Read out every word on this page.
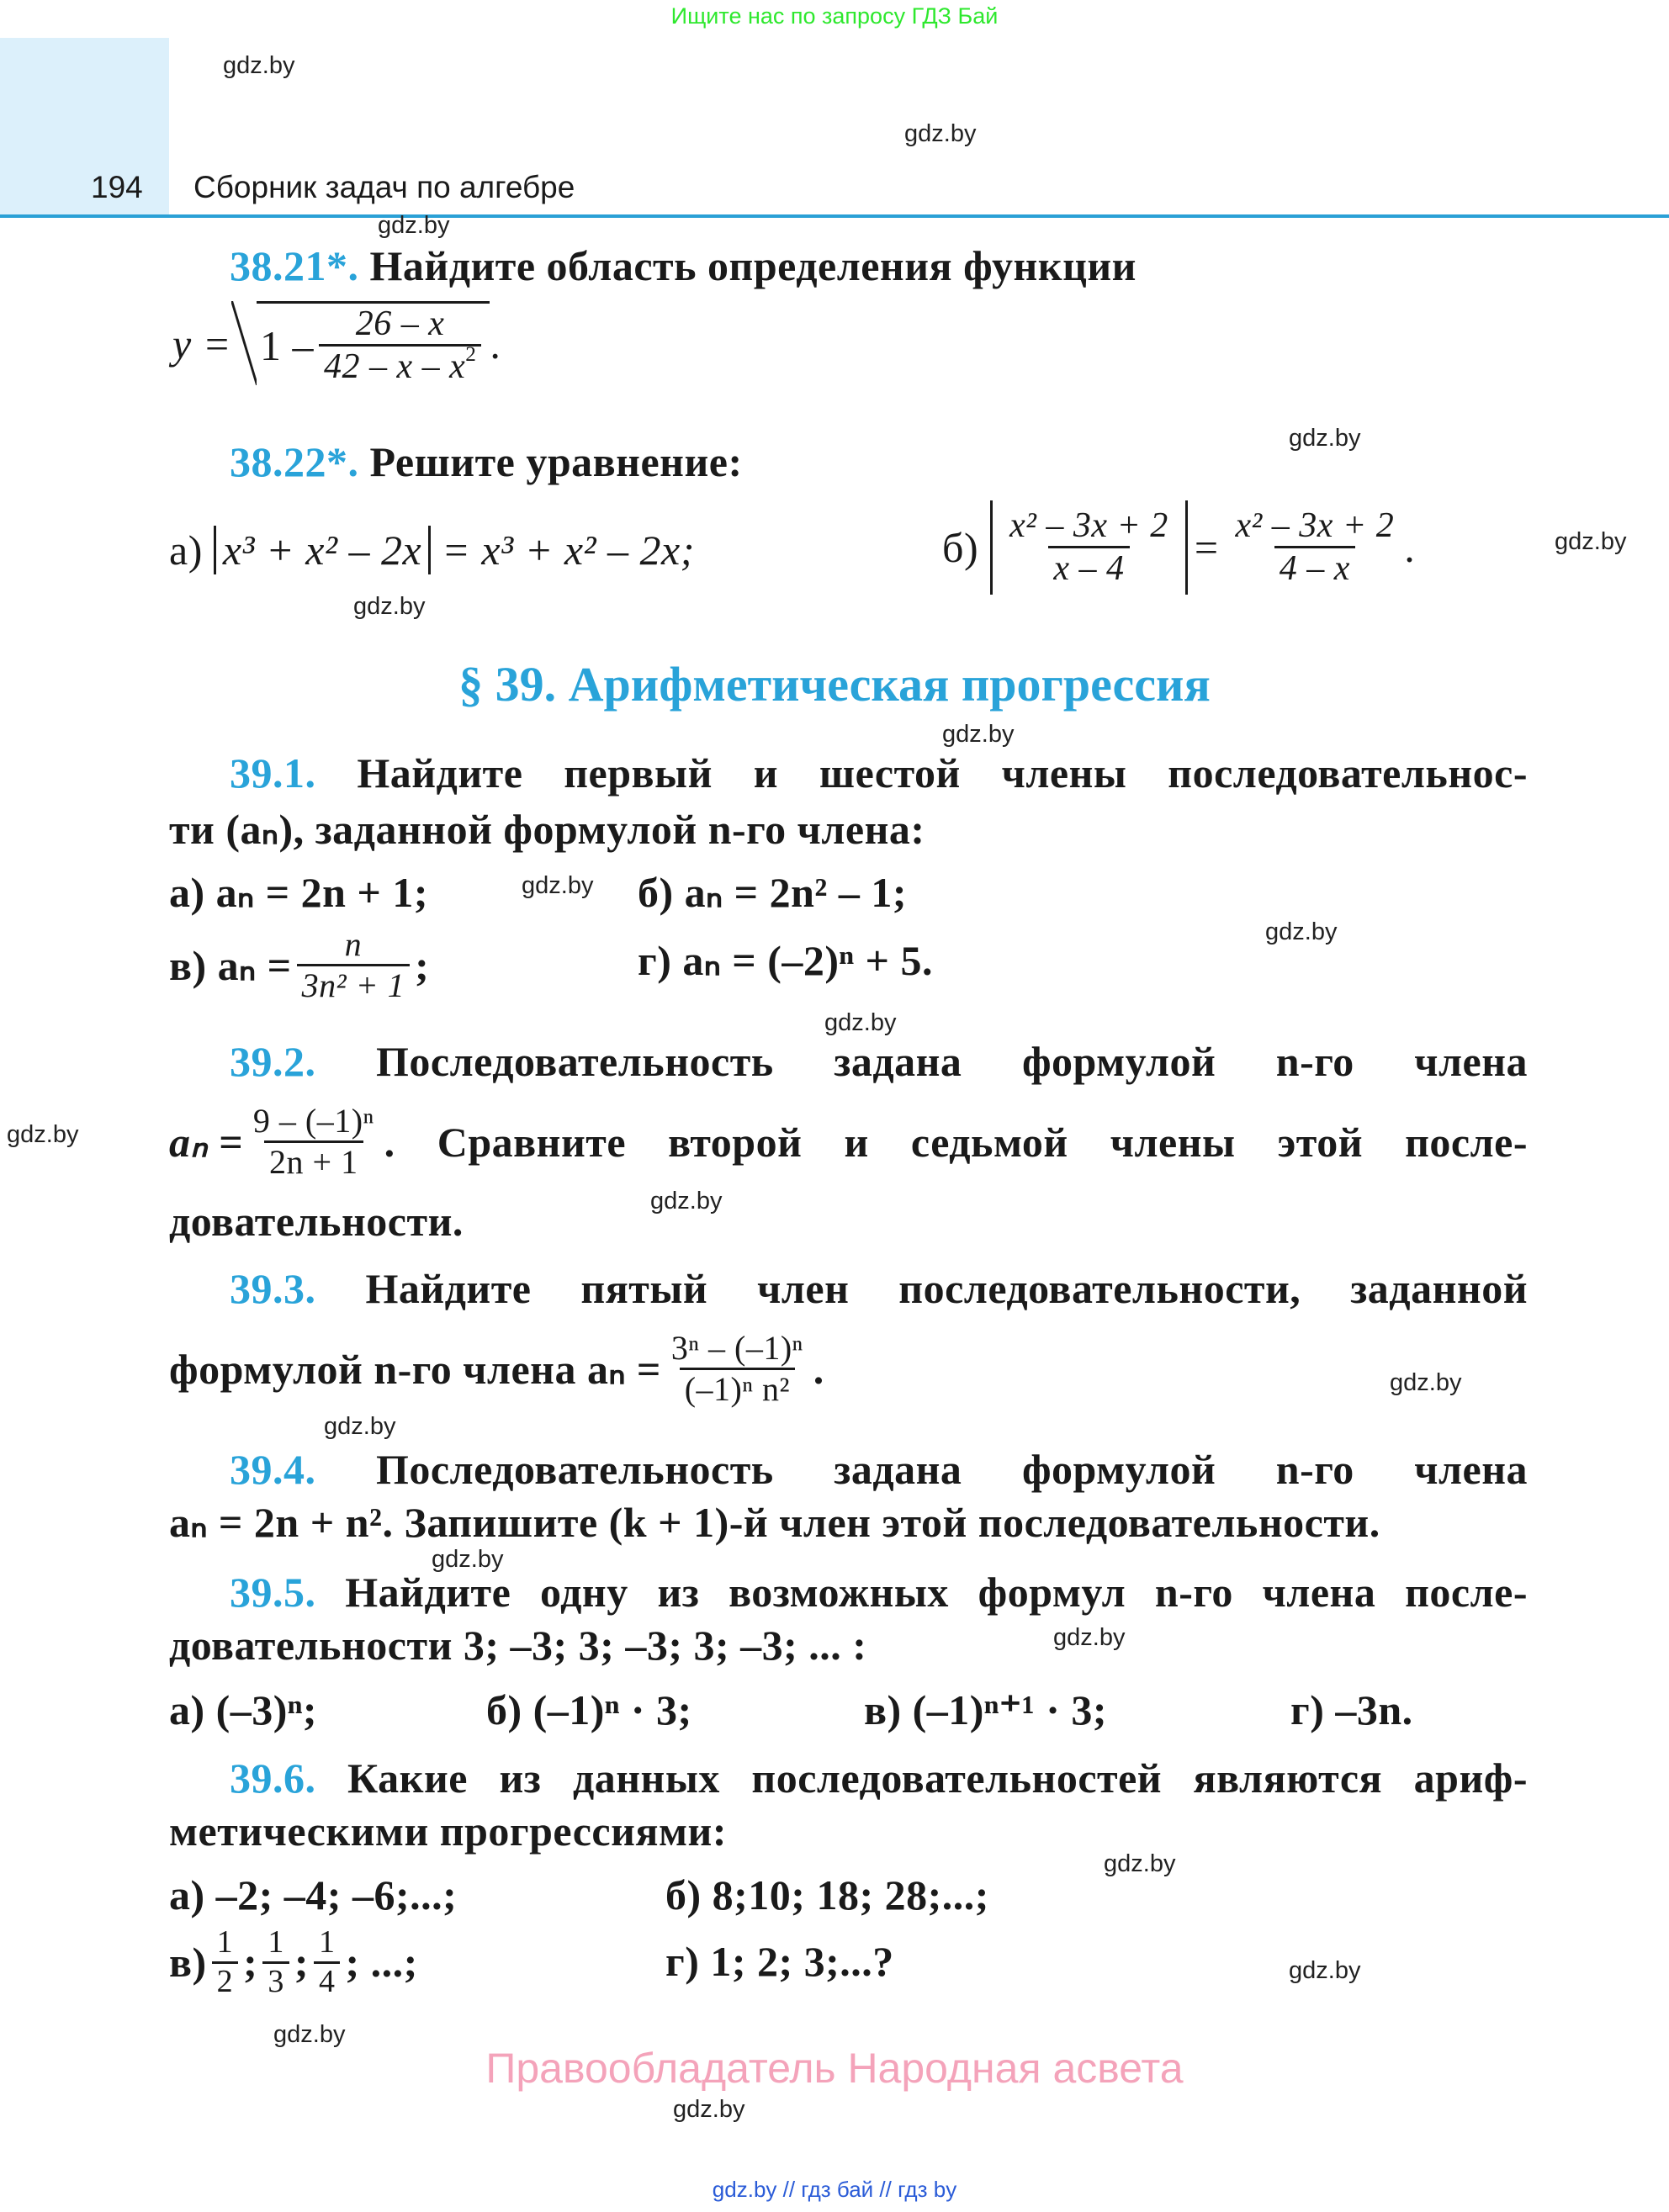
Ищите нас по запросу ГДЗ Бай
194 Сборник задач по алгебре
gdz.by
gdz.by
gdz.by
gdz.by
gdz.by
gdz.by
gdz.by
gdz.by
gdz.by
gdz.by
gdz.by
gdz.by
gdz.by
gdz.by
gdz.by
gdz.by
gdz.by
gdz.by
gdz.by
gdz.by
38.21*. Найдите область определения функции
$y = 1 - \frac{26 - x}{42 - x - x^2}$ .
38.22*. Решите уравнение:
а) x³ + x² – 2x = x³ + x² – 2x;	$б) \frac{\text{x² – 3x + 2}}{x - 4} = \frac{\text{x² – 3x + 2}}{4 - x}$ .
§ 39. Арифметическая прогрессия
39.1. Найдите первый и шестой члены последовательнос-
ти (aₙ), заданной формулой n-го члена:
а) aₙ = 2n + 1;	б) aₙ = 2n² – 1;
в) $a_n = \frac{n}{\text{3n² + 1}}$ ;	г) aₙ = (–2)ⁿ + 5.
39.2. Последовательность задана формулой n-го члена
$a_n = \frac{\text{9 – (–1)ⁿ}}{2n + 1}$ . Сравните второй и седьмой члены этой после-
довательности.
39.3. Найдите пятый член последовательности, заданной
формулой n-го члена $a_n = \frac{\text{3ⁿ – (–1)ⁿ}}{\text{(–1)ⁿ n²}}$ .
39.4. Последовательность задана формулой n-го члена
aₙ = 2n + n². Запишите (k + 1)-й член этой последовательности.
39.5. Найдите одну из возможных формул n-го члена после-
довательности 3; –3; 3; –3; 3; –3; ... :
а) (–3)ⁿ;	б) (–1)ⁿ · 3;	в) (–1)ⁿ⁺¹ · 3;	г) –3n.
39.6. Какие из данных последовательностей являются ариф-
метическими прогрессиями:
а) –2; –4; –6;...;	б) 8;10; 18; 28;...;
$в) \frac{1}{2}$ ; $\frac{1}{3}$ ; $\frac{1}{4}$ ; ...;	г) 1; 2; 3;...?
Правообладатель Народная асвета
gdz.by // гдз бай // гдз by
